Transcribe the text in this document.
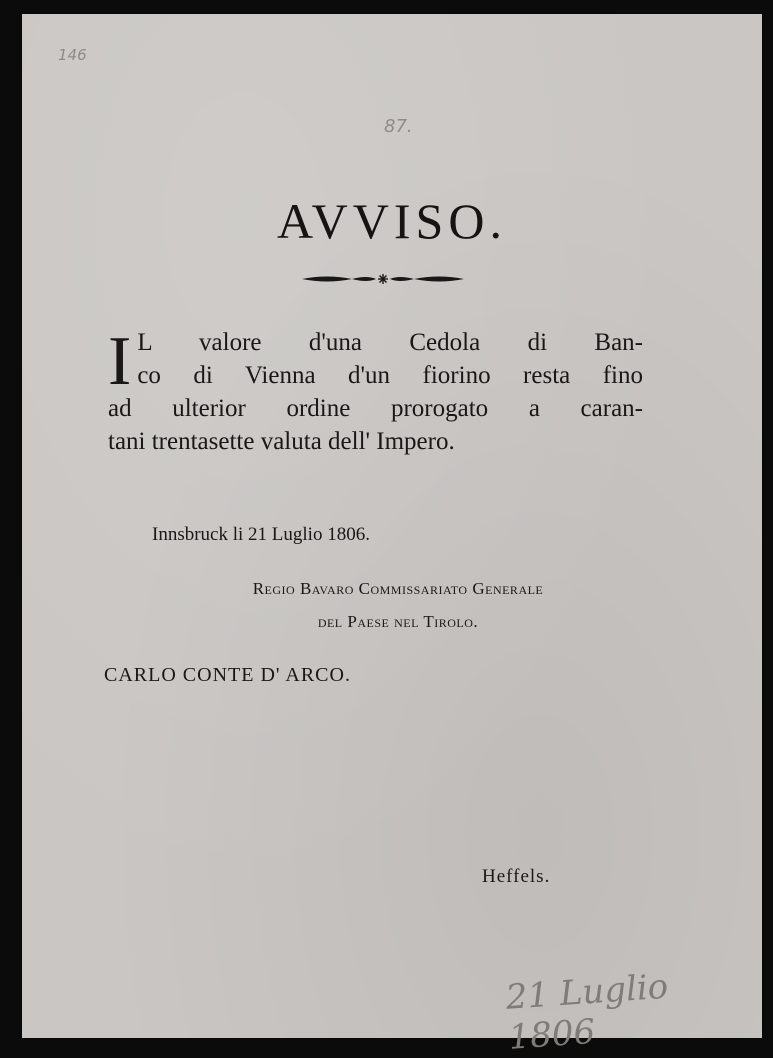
146
87.
AVVISO.
I L valore d'una Cedola di Ban-
co di Vienna d'un fiorino resta fino
ad ulterior ordine prorogato a caran-
tani trentasette valuta dell' Impero.
Innsbruck li 21 Luglio 1806.
Regio Bavaro Commissariato Generale
del Paese nel Tirolo.
CARLO CONTE D' ARCO.
Heffels.
21 Luglio 1806
